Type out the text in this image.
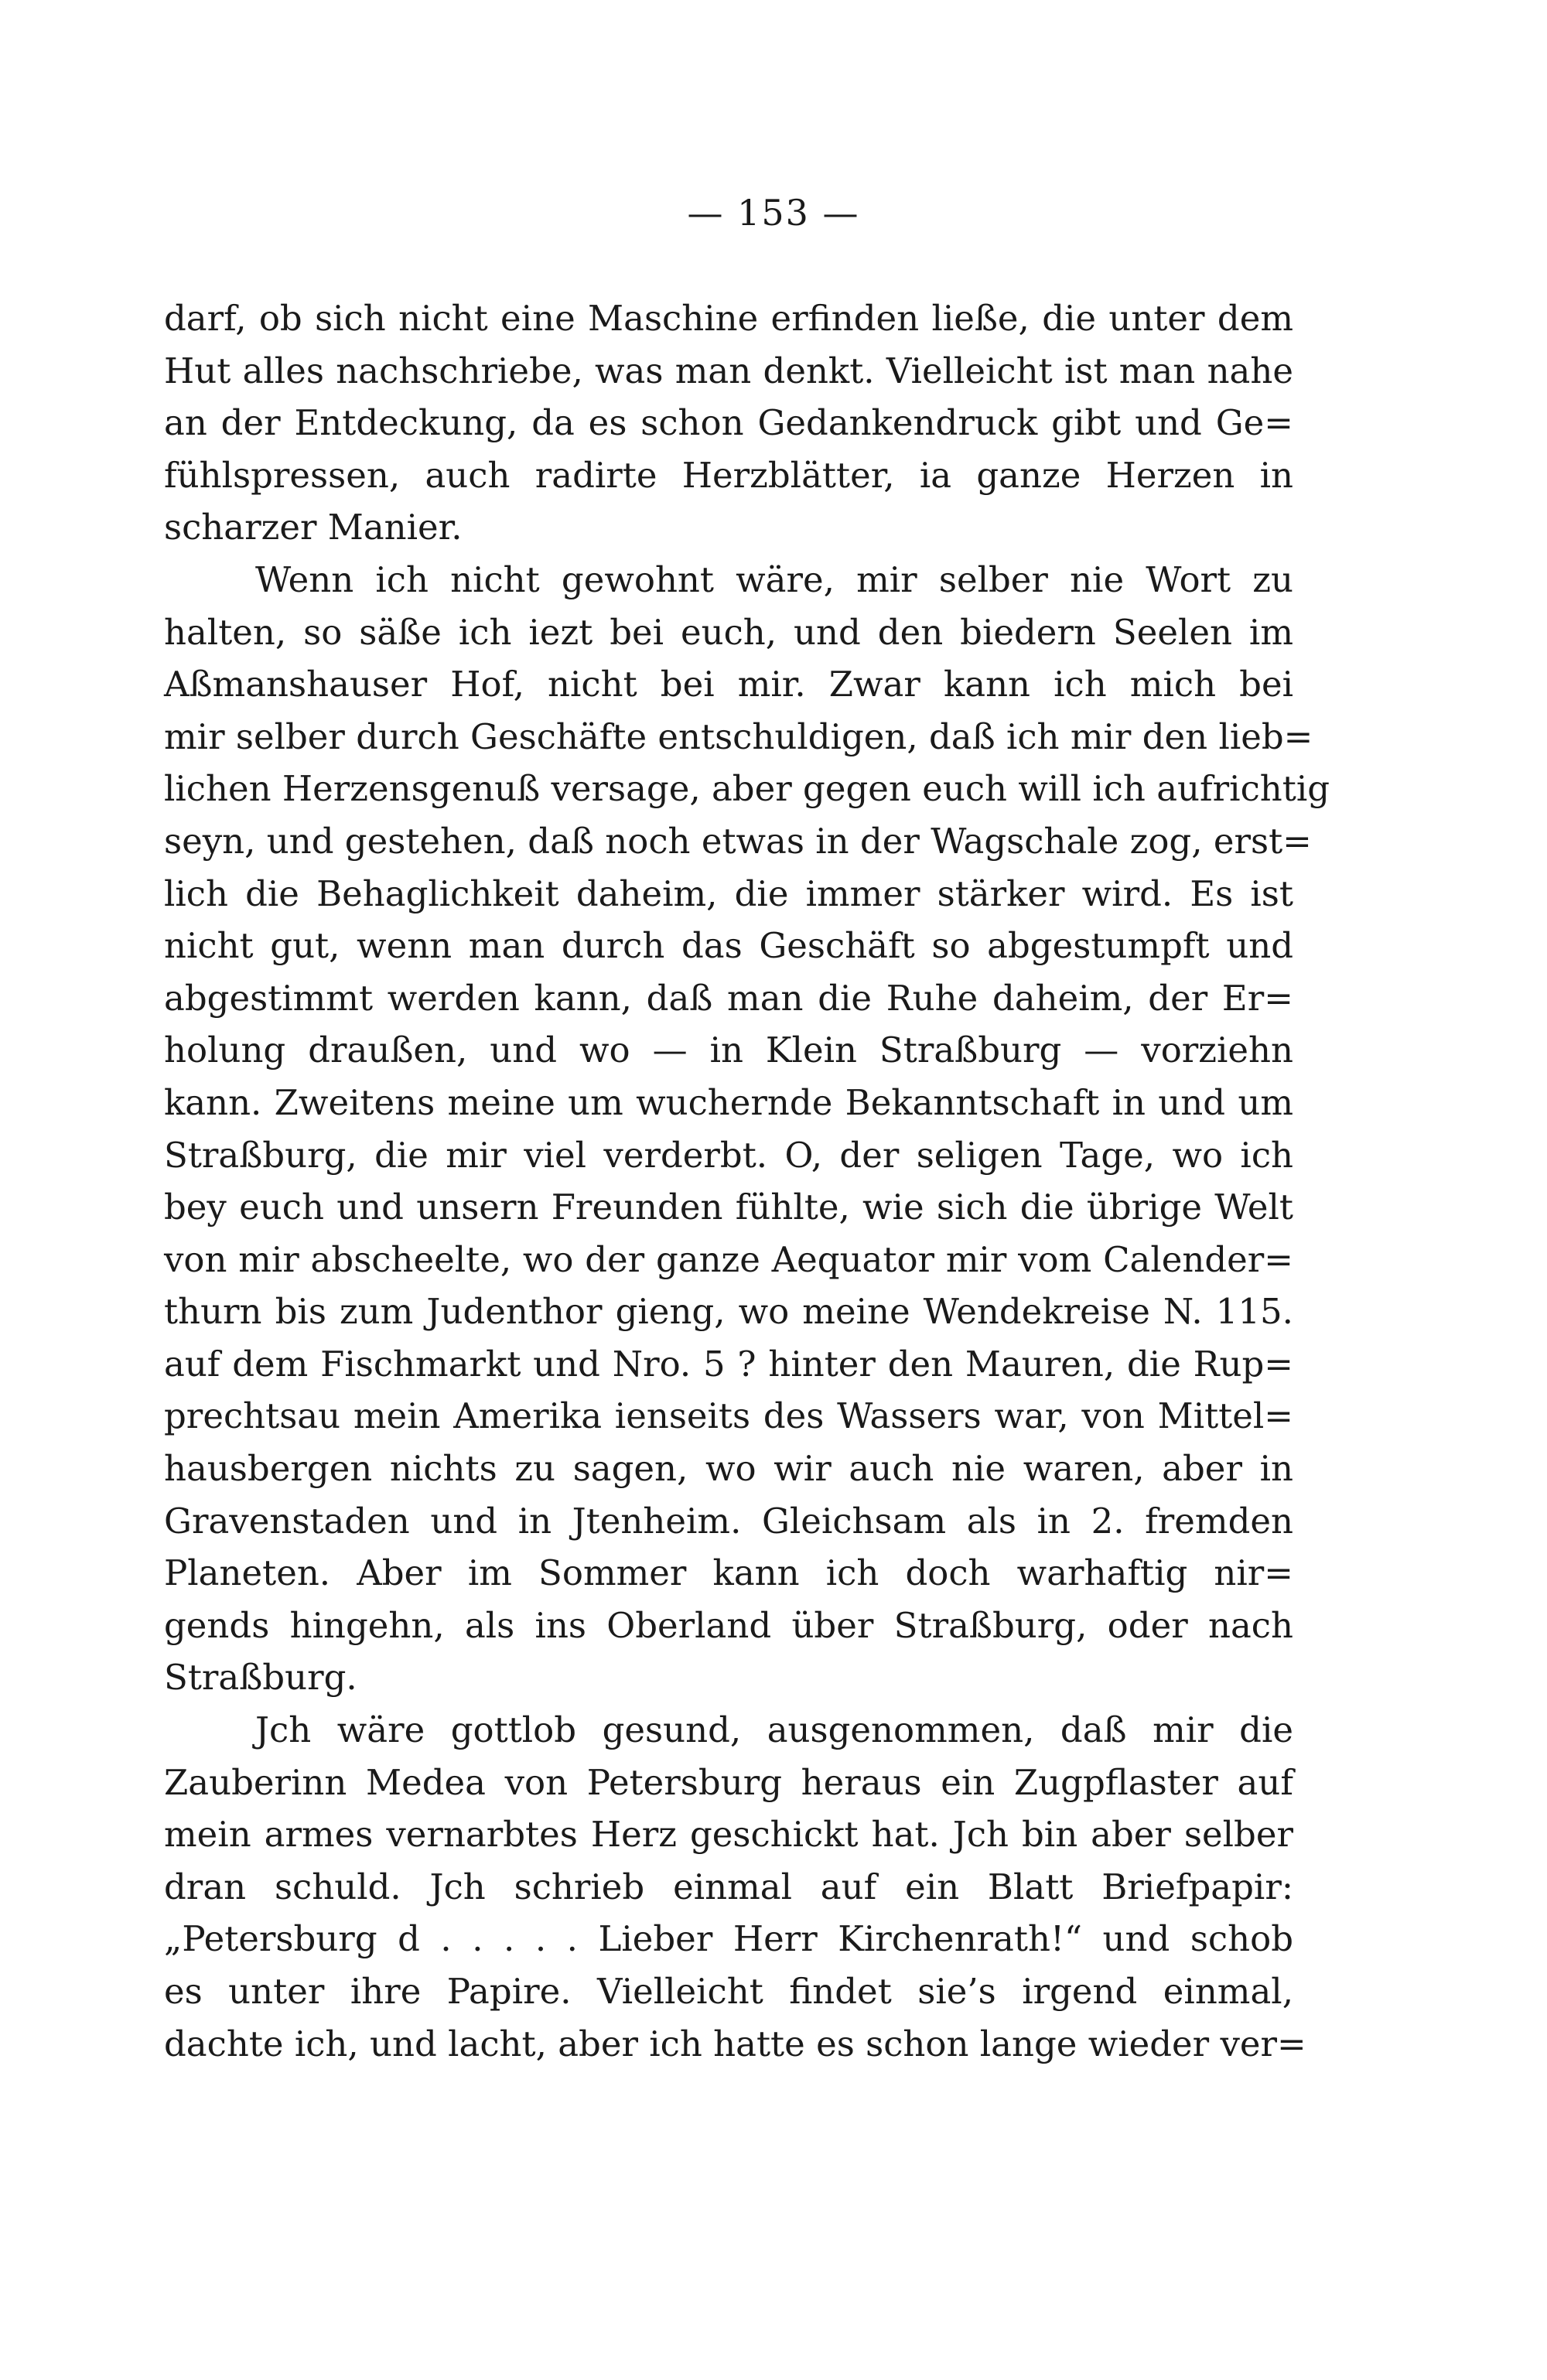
— 153 —
darf, ob sich nicht eine Maschine erfinden ließe, die unter dem
Hut alles nachschriebe, was man denkt. Vielleicht ist man nahe
an der Entdeckung, da es schon Gedankendruck gibt und Ge=
fühlspressen, auch radirte Herzblätter, ia ganze Herzen in
scharzer Manier.
Wenn ich nicht gewohnt wäre, mir selber nie Wort zu
halten, so säße ich iezt bei euch, und den biedern Seelen im
Aßmanshauser Hof, nicht bei mir. Zwar kann ich mich bei
mir selber durch Geschäfte entschuldigen, daß ich mir den lieb=
lichen Herzensgenuß versage, aber gegen euch will ich aufrichtig
seyn, und gestehen, daß noch etwas in der Wagschale zog, erst=
lich die Behaglichkeit daheim, die immer stärker wird. Es ist
nicht gut, wenn man durch das Geschäft so abgestumpft und
abgestimmt werden kann, daß man die Ruhe daheim, der Er=
holung draußen, und wo — in Klein Straßburg — vorziehn
kann. Zweitens meine um wuchernde Bekanntschaft in und um
Straßburg, die mir viel verderbt. O, der seligen Tage, wo ich
bey euch und unsern Freunden fühlte, wie sich die übrige Welt
von mir abscheelte, wo der ganze Aequator mir vom Calender=
thurn bis zum Judenthor gieng, wo meine Wendekreise N. 115.
auf dem Fischmarkt und Nro. 5 ? hinter den Mauren, die Rup=
prechtsau mein Amerika ienseits des Wassers war, von Mittel=
hausbergen nichts zu sagen, wo wir auch nie waren, aber in
Gravenstaden und in Jtenheim. Gleichsam als in 2. fremden
Planeten. Aber im Sommer kann ich doch warhaftig nir=
gends hingehn, als ins Oberland über Straßburg, oder nach
Straßburg.
Jch wäre gottlob gesund, ausgenommen, daß mir die
Zauberinn Medea von Petersburg heraus ein Zugpflaster auf
mein armes vernarbtes Herz geschickt hat. Jch bin aber selber
dran schuld. Jch schrieb einmal auf ein Blatt Briefpapir:
„Petersburg d . . . . . Lieber Herr Kirchenrath!“ und schob
es unter ihre Papire. Vielleicht findet sie’s irgend einmal,
dachte ich, und lacht, aber ich hatte es schon lange wieder ver=
